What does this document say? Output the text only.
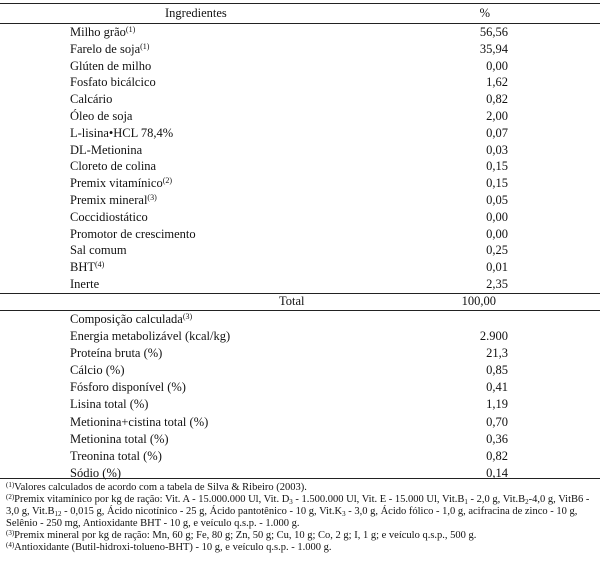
Ingredientes	%
Milho grão$^{(1)}$	56,56
Farelo de soja$^{(1)}$	35,94
Glúten de milho	0,00
Fosfato bicálcico	1,62
Calcário	0,82
Óleo de soja	2,00
L-lisina•HCL 78,4%	0,07
DL-Metionina	0,03
Cloreto de colina	0,15
Premix vitamínico$^{(2)}$	0,15
Premix mineral$^{(3)}$	0,05
Coccidiostático	0,00
Promotor de crescimento	0,00
Sal comum	0,25
BHT$^{(4)}$	0,01
Inerte	2,35
Total	100,00
Composição calculada$^{(3)}$
Energia metabolizável (kcal/kg)	2.900
Proteína bruta (%)	21,3
Cálcio (%)	0,85
Fósforo disponível (%)	0,41
Lisina total (%)	1,19
Metionina+cistina total (%)	0,70
Metionina total (%)	0,36
Treonina total (%)	0,82
Sódio (%)	0,14

$^{(1)}$Valores calculados de acordo com a tabela de Silva & Ribeiro (2003).

$^{(2)}$Premix vitamínico por kg de ração: Vit. A - 15.000.000 Ul, Vit. $D_3 - 1.500.000$ Ul, Vit. E - 15.000 Ul, $Vit.B_1 - 2,0$ g, $Vit.B_2-4,0$ g, VitB6 - 3,0 g, $Vit.B_{12} - 0,015$ g, Ácido nicotínico - 25 g, Ácido pantotênico - 10 g, $Vit.K_3 - 3,0$ g, Ácido fólico - 1,0 g, acifracina de zinco - 10 g, Selênio - 250 mg, Antioxidante BHT - 10 g, e veículo q.s.p. - 1.000 g.

$^{(3)}$Premix mineral por kg de ração: Mn, 60 g; Fe, 80 g; Zn, 50 g; Cu, 10 g; Co, 2 g; I, 1 g; e veículo q.s.p., 500 g.

$^{(4)}$Antioxidante (Butil-hidroxi-tolueno-BHT) - 10 g, e veículo q.s.p. - 1.000 g.
